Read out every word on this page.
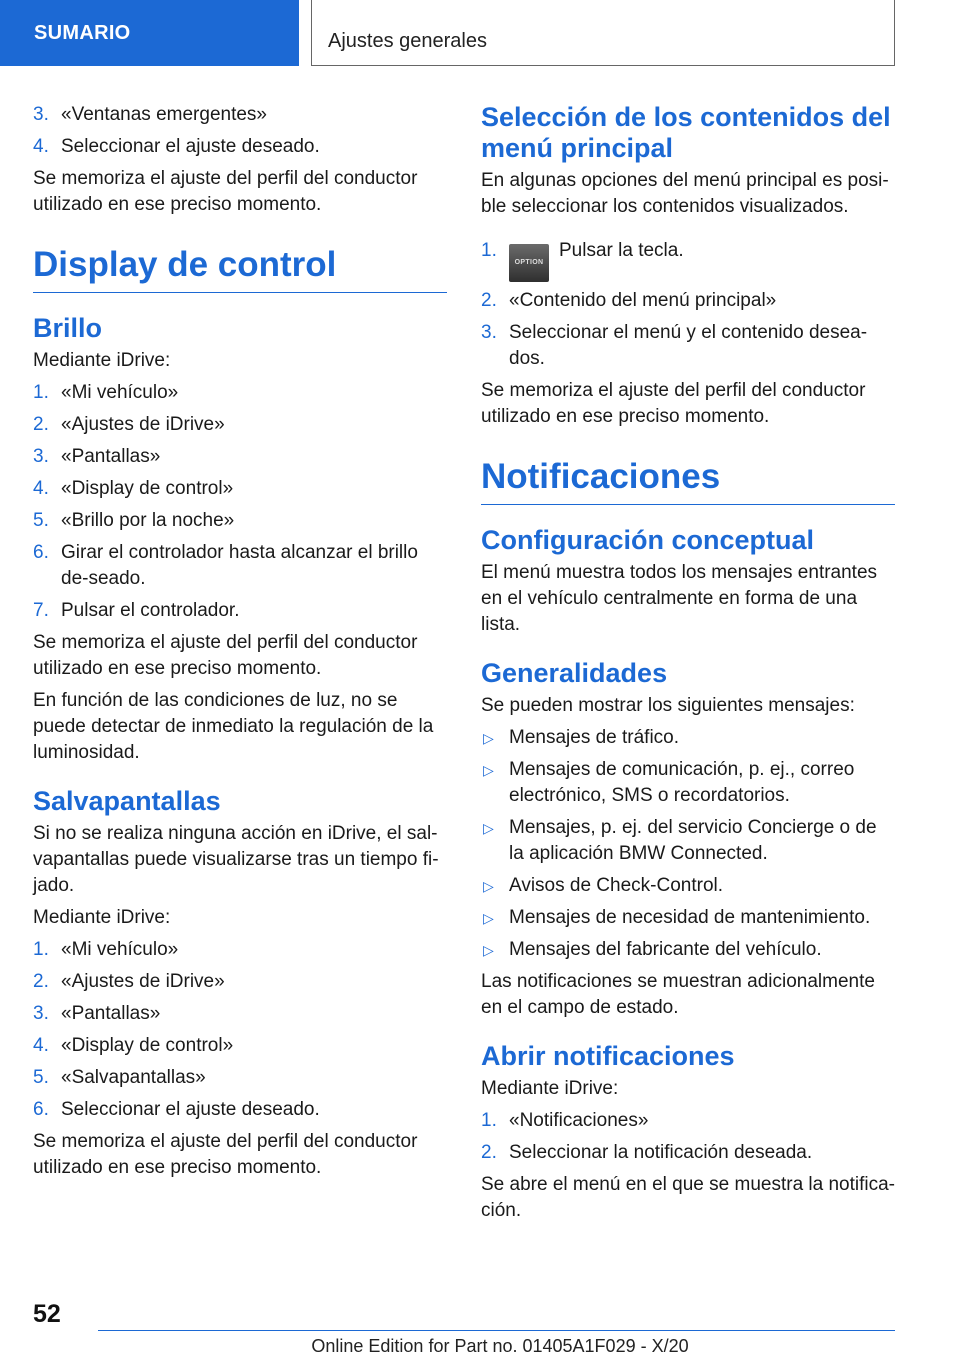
SUMARIO	Ajustes generales
3. «Ventanas emergentes»
4. Seleccionar el ajuste deseado.

Se memoriza el ajuste del perfil del conductor utilizado en ese preciso momento.

Display de control
Brillo

Mediante iDrive:

1. «Mi vehículo»
2. «Ajustes de iDrive»
3. «Pantallas»
4. «Display de control»
5. «Brillo por la noche»
6. Girar el controlador hasta alcanzar el brillo de-seado.
7. Pulsar el controlador.

Se memoriza el ajuste del perfil del conductor utilizado en ese preciso momento.

En función de las condiciones de luz, no se puede detectar de inmediato la regulación de la luminosidad.

Salvapantallas

Si no se realiza ninguna acción en iDrive, el sal-vapantallas puede visualizarse tras un tiempo fi-jado.

Mediante iDrive:

1. «Mi vehículo»
2. «Ajustes de iDrive»
3. «Pantallas»
4. «Display de control»
5. «Salvapantallas»
6. Seleccionar el ajuste deseado.

Se memoriza el ajuste del perfil del conductor utilizado en ese preciso momento.

Selección de los contenidos del menú principal

En algunas opciones del menú principal es posi-ble seleccionar los contenidos visualizados.

1.
OPTIONPulsar la tecla.
2. «Contenido del menú principal»
3. Seleccionar el menú y el contenido desea-dos.

Se memoriza el ajuste del perfil del conductor utilizado en ese preciso momento.

Notificaciones
Configuración conceptual

El menú muestra todos los mensajes entrantes en el vehículo centralmente en forma de una lista.

Generalidades

Se pueden mostrar los siguientes mensajes:

▷ Mensajes de tráfico.
▷ Mensajes de comunicación, p. ej., correo electrónico, SMS o recordatorios.
▷ Mensajes, p. ej. del servicio Concierge o de la aplicación BMW Connected.
▷ Avisos de Check-Control.
▷ Mensajes de necesidad de mantenimiento.
▷ Mensajes del fabricante del vehículo.

Las notificaciones se muestran adicionalmente en el campo de estado.

Abrir notificaciones

Mediante iDrive:

1. «Notificaciones»
2. Seleccionar la notificación deseada.

Se abre el menú en el que se muestra la notifica-ción.

52
Online Edition for Part no. 01405A1F029 - X/20
